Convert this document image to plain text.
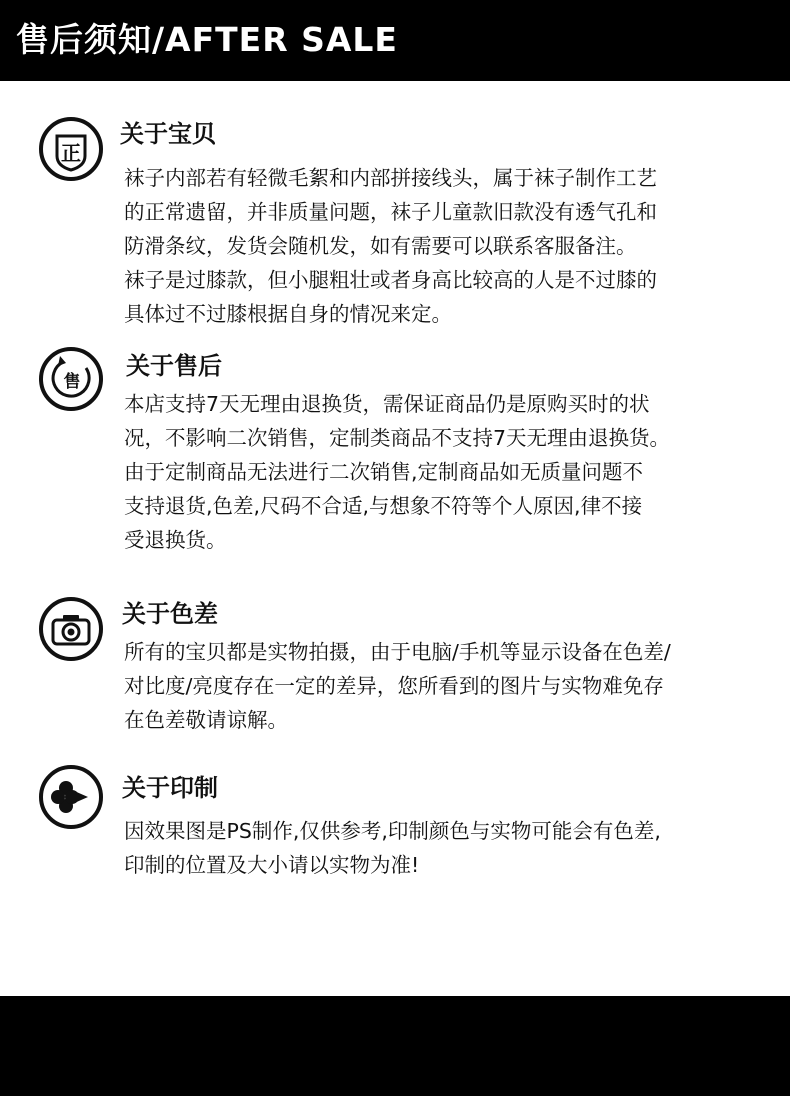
售后须知/AFTER SALE
正
关于宝贝
袜子内部若有轻微毛絮和内部拼接线头，属于袜子制作工艺
的正常遗留，并非质量问题，袜子儿童款旧款没有透气孔和
防滑条纹，发货会随机发，如有需要可以联系客服备注。
袜子是过膝款，但小腿粗壮或者身高比较高的人是不过膝的
具体过不过膝根据自身的情况来定。
售
关于售后
本店支持7天无理由退换货，需保证商品仍是原购买时的状
况，不影响二次销售，定制类商品不支持7天无理由退换货。
由于定制商品无法进行二次销售,定制商品如无质量问题不
支持退货,色差,尺码不合适,与想象不符等个人原因,律不接
受退换货。
关于色差
所有的宝贝都是实物拍摄，由于电脑/手机等显示设备在色差/
对比度/亮度存在一定的差异，您所看到的图片与实物难免存
在色差敬请谅解。
关于印制
因效果图是PS制作,仅供参考,印制颜色与实物可能会有色差,
印制的位置及大小请以实物为准!
